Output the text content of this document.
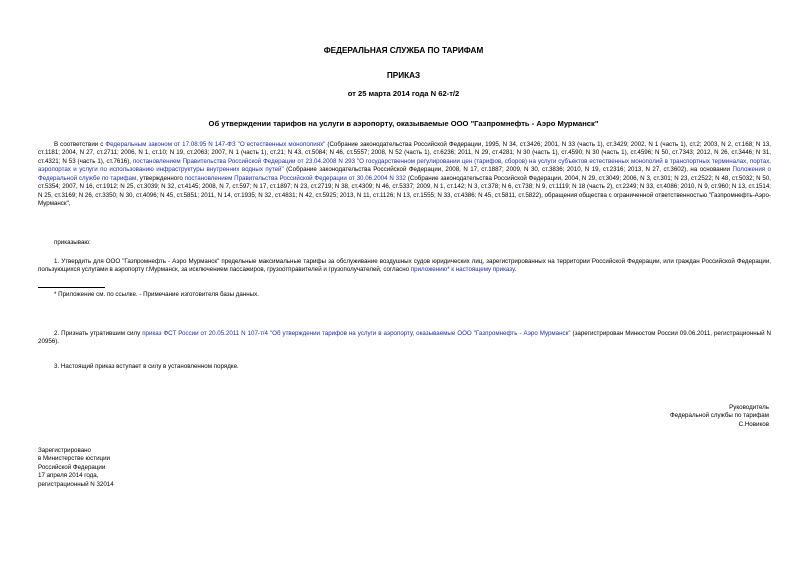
ФЕДЕРАЛЬНАЯ СЛУЖБА ПО ТАРИФАМ
ПРИКАЗ
от 25 марта 2014 года N 62-т/2
Об утверждении тарифов на услуги в аэропорту, оказываемые ООО "Газпромнефть - Аэро Мурманск"
В соответствии с Федеральным законом от 17.08.95 N 147-ФЗ "О естественных монополиях" (Собрание законодательства Российской Федерации, 1995, N 34, ст.3426; 2001, N 33 (часть 1), ст.3429; 2002, N 1 (часть 1), ст.2; 2003, N 2, ст.168; N 13, ст.1181; 2004, N 27, ст.2711; 2006, N 1, ст.10; N 19, ст.2063; 2007, N 1 (часть 1), ст.21; N 43, ст.5084; N 46, ст.5557; 2008, N 52 (часть 1), ст.6236; 2011, N 29, ст.4281; N 30 (часть 1), ст.4590; N 30 (часть 1), ст.4596; N 50, ст.7343; 2012, N 26, ст.3446; N 31, ст.4321; N 53 (часть 1), ст.7616), постановлением Правительства Российской Федерации от 23.04.2008 N 293 "О государственном регулировании цен (тарифов, сборов) на услуги субъектов естественных монополий в транспортных терминалах, портах, аэропортах и услуги по использованию инфраструктуры внутренних водных путей" (Собрание законодательства Российской Федерации, 2008, N 17, ст.1887; 2009, N 30, ст.3836; 2010, N 19, ст.2316; 2013, N 27, ст.3602), на основании Положения о Федеральной службе по тарифам, утвержденного постановлением Правительства Российской Федерации от 30.06.2004 N 332 (Собрание законодательства Российской Федерации, 2004, N 29, ст.3049; 2006, N 3, ст.301; N 23, ст.2522; N 48, ст.5032; N 50, ст.5354; 2007, N 16, ст.1912; N 25, ст.3039; N 32, ст.4145; 2008, N 7, ст.597; N 17, ст.1897; N 23, ст.2719; N 38, ст.4309; N 46, ст.5337; 2009, N 1, ст.142; N 3, ст.378; N 6, ст.738; N 9, ст.1119; N 18 (часть 2), ст.2249; N 33, ст.4086; 2010, N 9, ст.960; N 13, ст.1514; N 25, ст.3169; N 26, ст.3350; N 30, ст.4096; N 45, ст.5851; 2011, N 14, ст.1935; N 32, ст.4831; N 42, ст.5925; 2013, N 11, ст.1126; N 13, ст.1555; N 33, ст.4386; N 45, ст.5811, ст.5822), обращения общества с ограниченной ответственностью "Газпромнефть-Аэро-Мурманск",
приказываю:
1. Утвердить для ООО "Газпромнефть - Аэро Мурманск" предельные максимальные тарифы за обслуживание воздушных судов юридических лиц, зарегистрированных на территории Российской Федерации, или граждан Российской Федерации, пользующихся услугами в аэропорту г.Мурманск, за исключением пассажиров, грузоотправителей и грузополучателей, согласно приложению* к настоящему приказу.
* Приложение см. по ссылке. - Примечание изготовителя базы данных.
2. Признать утратившим силу приказ ФСТ России от 20.05.2011 N 107-т/4 "Об утверждении тарифов на услуги в аэропорту, оказываемые ООО "Газпромнефть - Аэро Мурманск" (зарегистрирован Минюстом России 09.06.2011, регистрационный N 20956).
3. Настоящий приказ вступает в силу в установленном порядке.
Руководитель
Федеральной службы по тарифам
С.Новиков
Зарегистрировано
в Министерстве юстиции
Российской Федерации
17 апреля 2014 года,
регистрационный N 32014
